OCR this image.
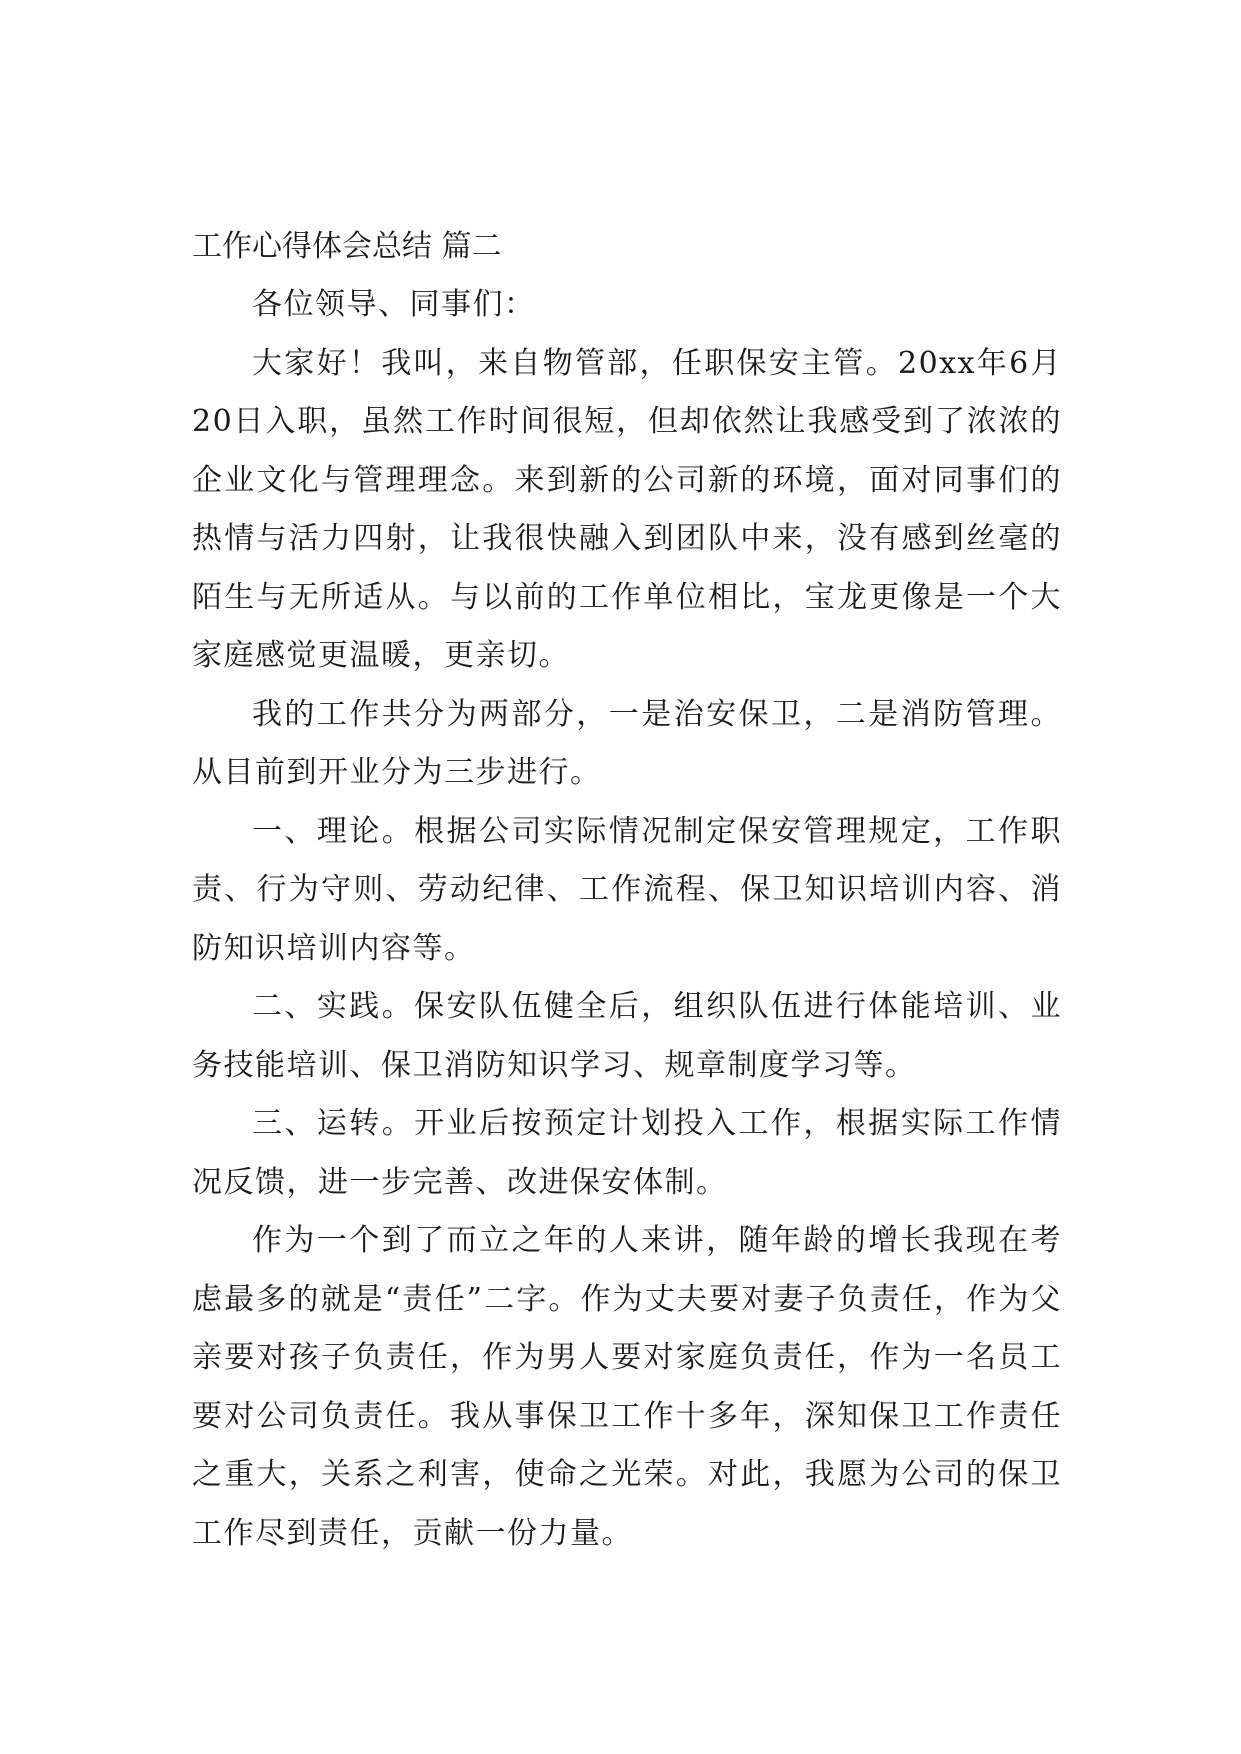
工作心得体会总结 篇二

各位领导、同事们：

大家好！我叫，来自物管部，任职保安主管。20xx年6月20日入职，虽然工作时间很短，但却依然让我感受到了浓浓的企业文化与管理理念。来到新的公司新的环境，面对同事们的热情与活力四射，让我很快融入到团队中来，没有感到丝毫的陌生与无所适从。与以前的工作单位相比，宝龙更像是一个大家庭感觉更温暖，更亲切。

我的工作共分为两部分，一是治安保卫，二是消防管理。从目前到开业分为三步进行。

一、理论。根据公司实际情况制定保安管理规定，工作职责、行为守则、劳动纪律、工作流程、保卫知识培训内容、消防知识培训内容等。

二、实践。保安队伍健全后，组织队伍进行体能培训、业务技能培训、保卫消防知识学习、规章制度学习等。

三、运转。开业后按预定计划投入工作，根据实际工作情况反馈，进一步完善、改进保安体制。

作为一个到了而立之年的人来讲，随年龄的增长我现在考虑最多的就是“责任”二字。作为丈夫要对妻子负责任，作为父亲要对孩子负责任，作为男人要对家庭负责任，作为一名员工要对公司负责任。我从事保卫工作十多年，深知保卫工作责任之重大，关系之利害，使命之光荣。对此，我愿为公司的保卫工作尽到责任，贡献一份力量。
